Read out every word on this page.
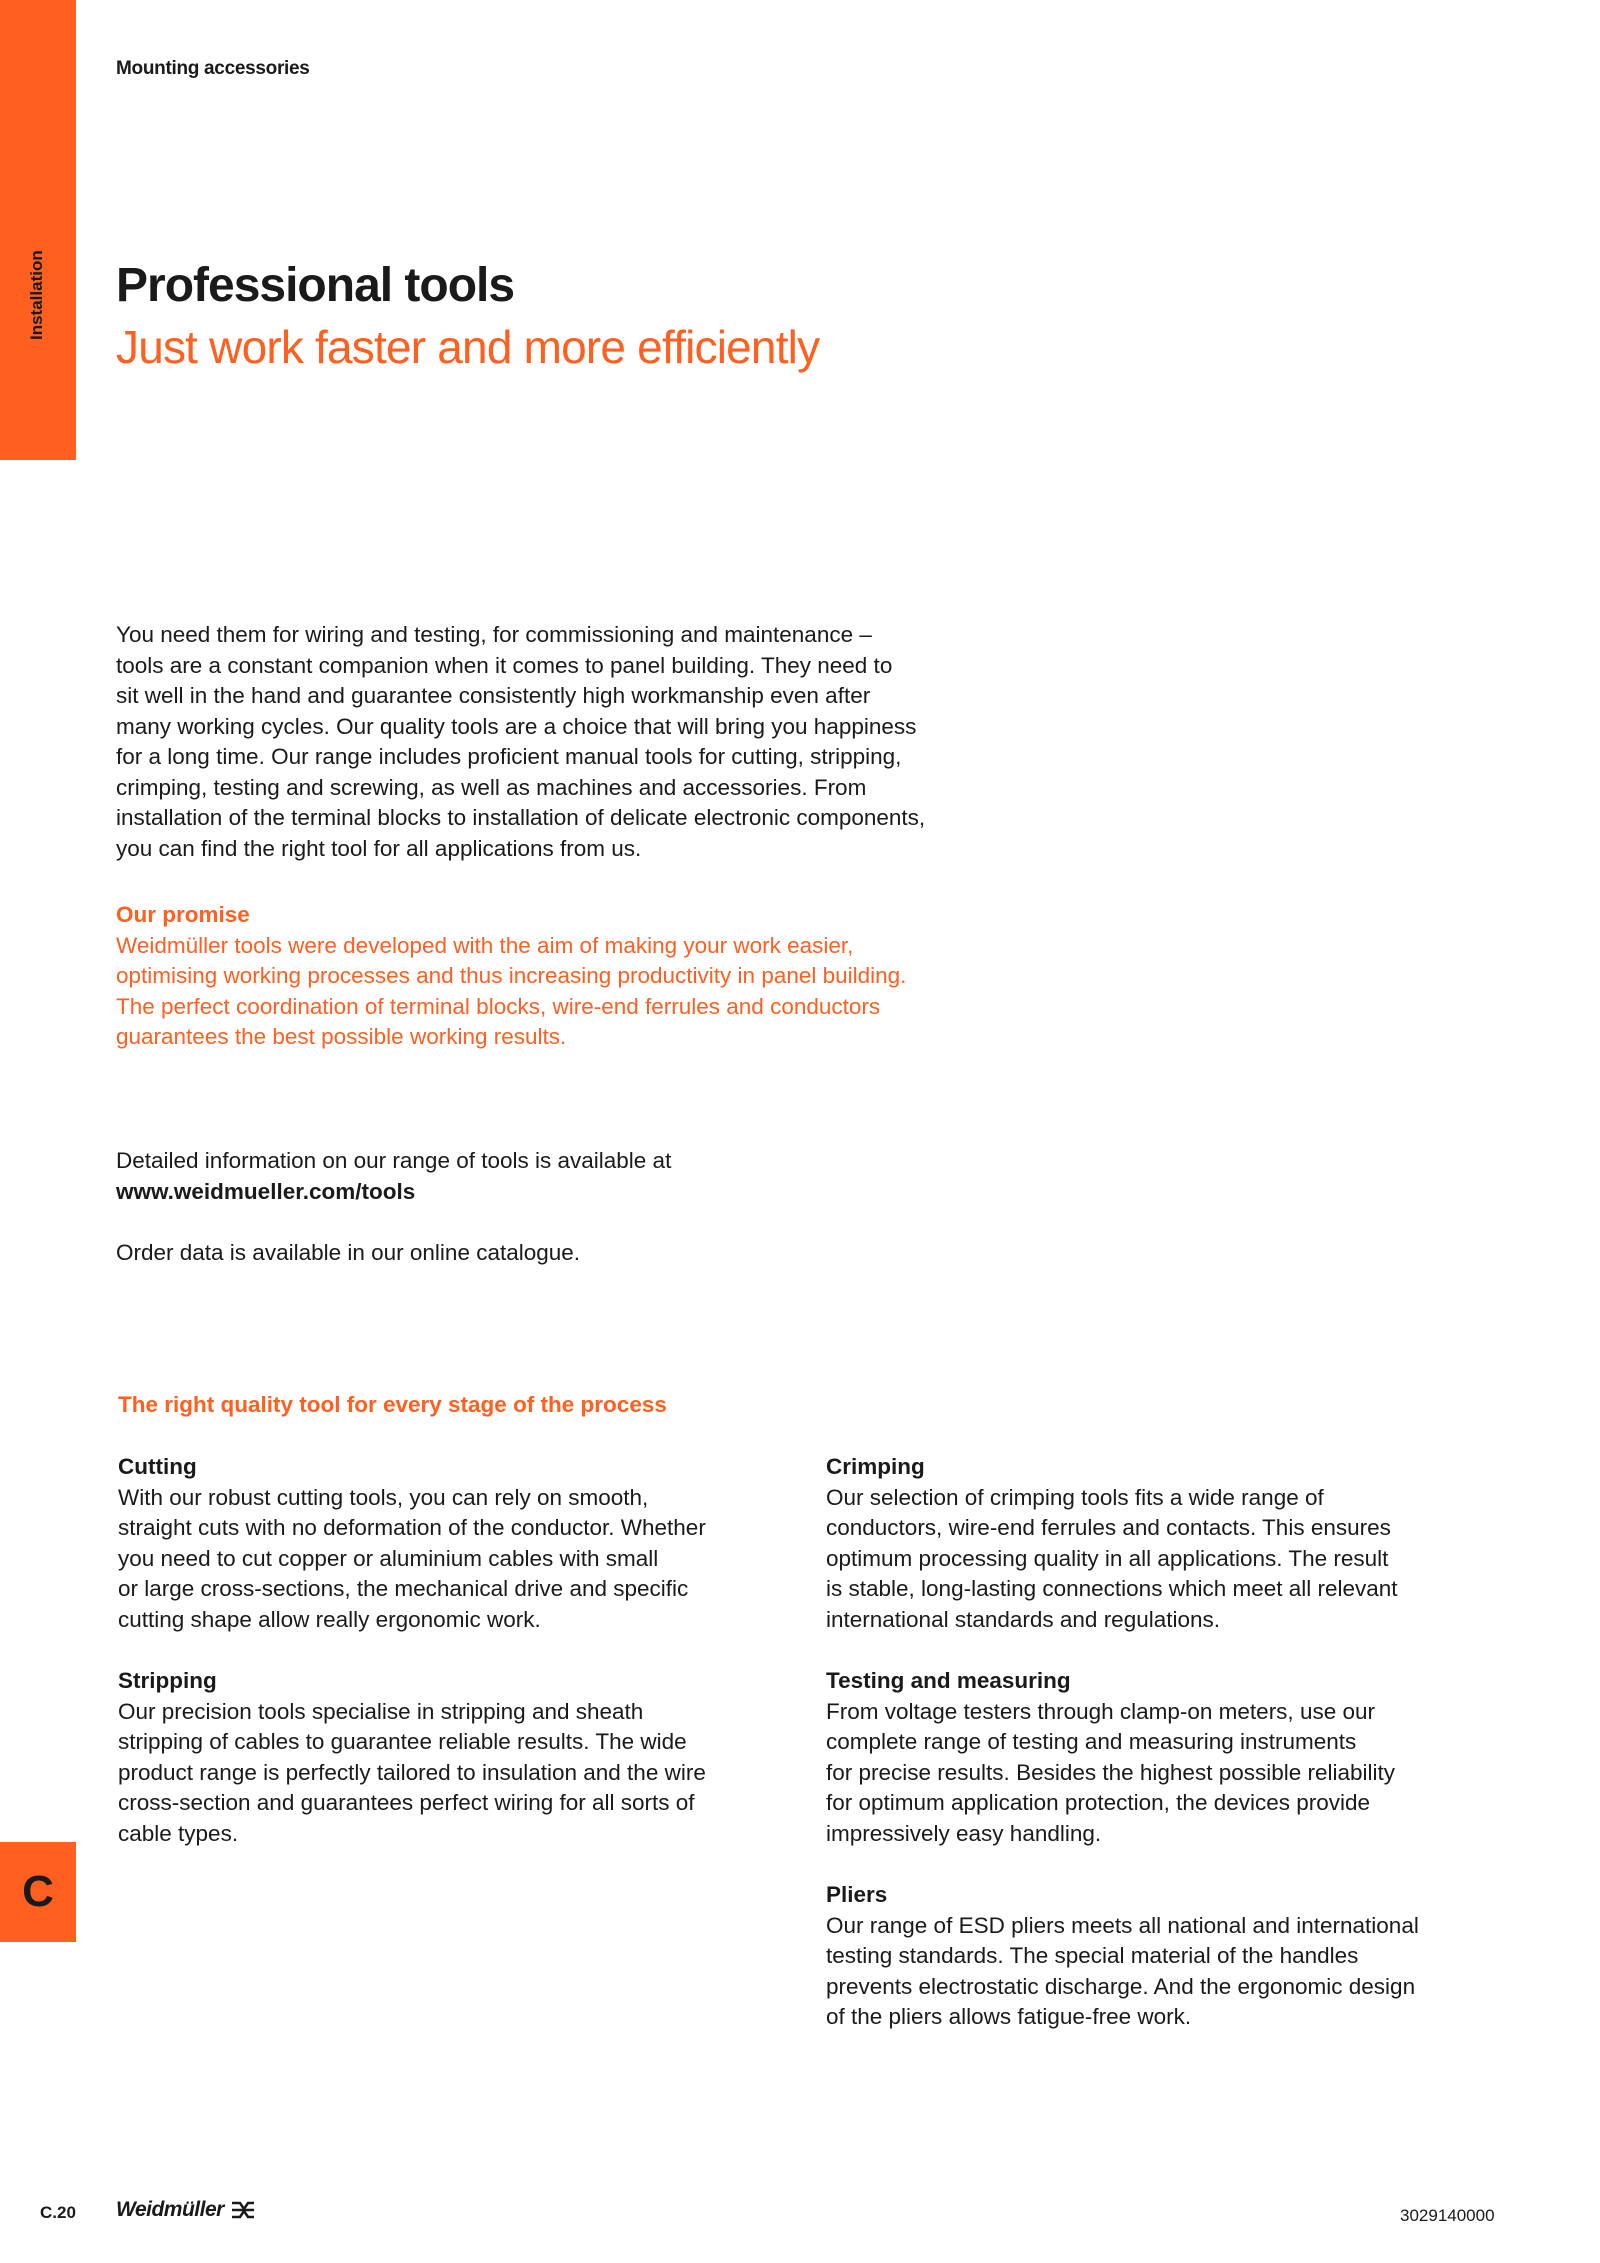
Installation
C
Mounting accessories
Professional tools
Just work faster and more efficiently
You need them for wiring and testing, for commissioning and maintenance –
tools are a constant companion when it comes to panel building. They need to
sit well in the hand and guarantee consistently high workmanship even after
many working cycles. Our quality tools are a choice that will bring you happiness
for a long time. Our range includes proficient manual tools for cutting, stripping,
crimping, testing and screwing, as well as machines and accessories. From
installation of the terminal blocks to installation of delicate electronic components,
you can find the right tool for all applications from us.
Our promise
Weidmüller tools were developed with the aim of making your work easier,
optimising working processes and thus increasing productivity in panel building.
The perfect coordination of terminal blocks, wire-end ferrules and conductors
guarantees the best possible working results.
Detailed information on our range of tools is available at
www.weidmueller.com/tools
Order data is available in our online catalogue.
The right quality tool for every stage of the process
Cutting
With our robust cutting tools, you can rely on smooth,
straight cuts with no deformation of the conductor. Whether
you need to cut copper or aluminium cables with small
or large cross-sections, the mechanical drive and specific
cutting shape allow really ergonomic work.
Stripping
Our precision tools specialise in stripping and sheath
stripping of cables to guarantee reliable results. The wide
product range is perfectly tailored to insulation and the wire
cross-section and guarantees perfect wiring for all sorts of
cable types.
Crimping
Our selection of crimping tools fits a wide range of
conductors, wire-end ferrules and contacts. This ensures
optimum processing quality in all applications. The result
is stable, long-lasting connections which meet all relevant
international standards and regulations.
Testing and measuring
From voltage testers through clamp-on meters, use our
complete range of testing and measuring instruments
for precise results. Besides the highest possible reliability
for optimum application protection, the devices provide
impressively easy handling.
Pliers
Our range of ESD pliers meets all national and international
testing standards. The special material of the handles
prevents electrostatic discharge. And the ergonomic design
of the pliers allows fatigue-free work.
C.20 Weidmüller	3029140000
